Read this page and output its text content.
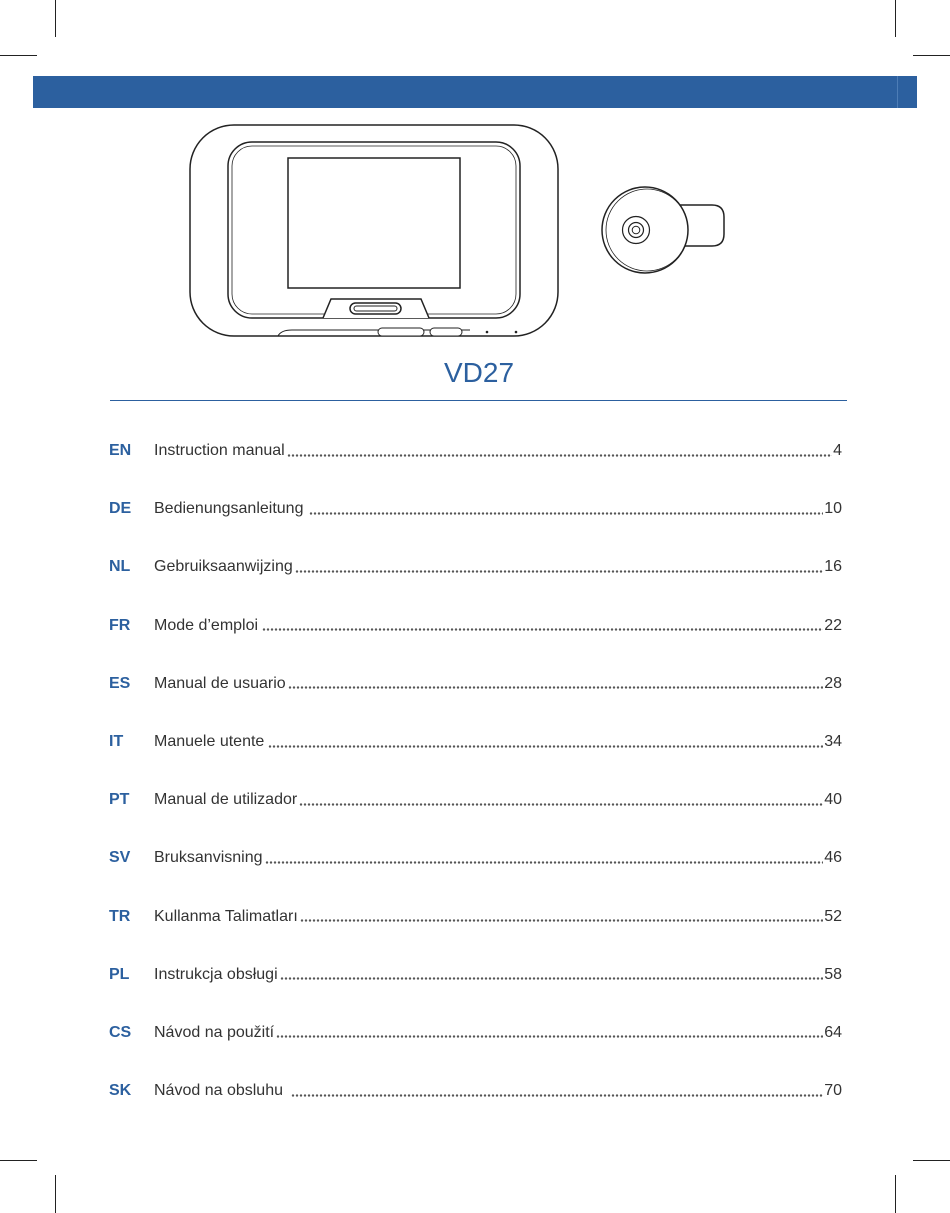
VD27
EN	Instruction manual	4
DE	Bedienungsanleitung	10
NL	Gebruiksaanwijzing	16
FR	Mode d’emploi	22
ES	Manual de usuario	28
IT	Manuele utente	34
PT	Manual de utilizador	40
SV	Bruksanvisning	46
TR	Kullanma Talimatları	52
PL	Instrukcja obsługi	58
CS	Návod na použití	64
SK	Návod na obsluhu	70
